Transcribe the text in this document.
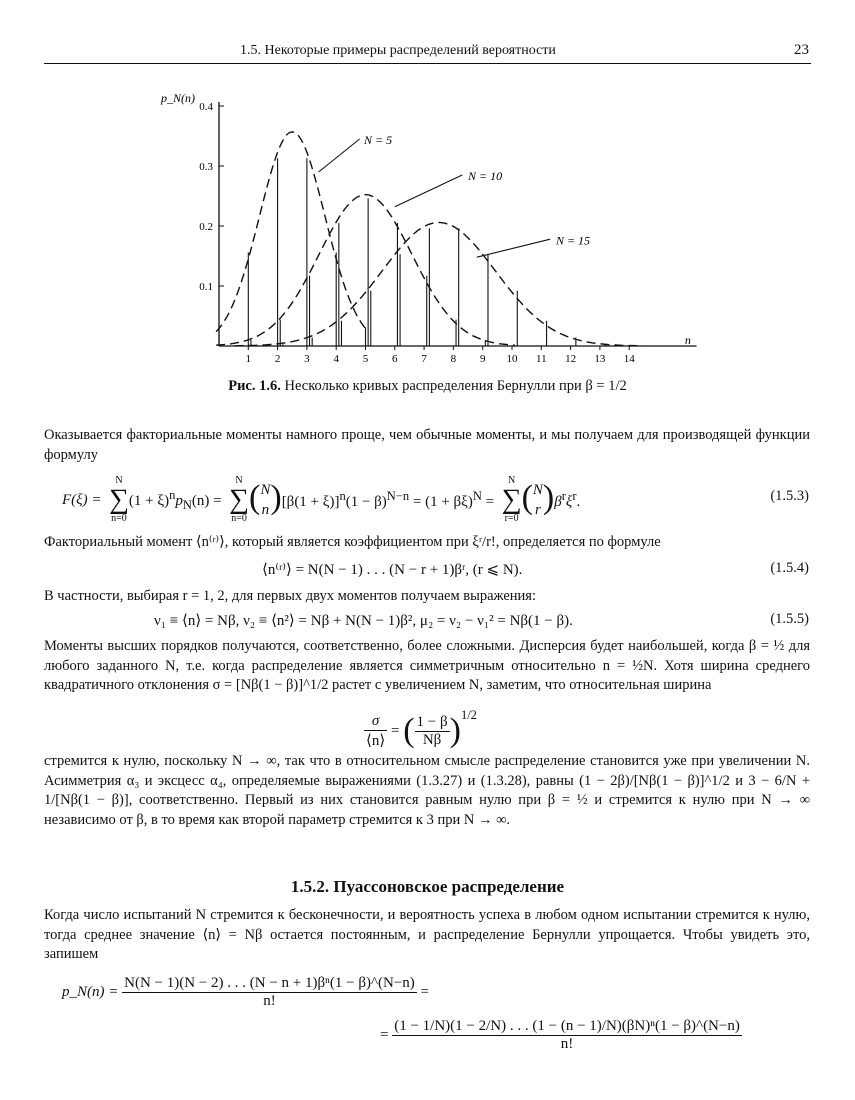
1.5. Некоторые примеры распределений вероятности	23
0.1
0.2
0.3
0.4
1 2 3 4 5 6 7 8 9 10 11 12 13 14
p_N(n)
n
N = 5
N = 10
N = 15
Рис. 1.6. Несколько кривых распределения Бернулли при β = 1/2
Оказывается факториальные моменты намного проще, чем обычные моменты, и мы получаем для производящей функции формулу
F(ξ) =

N
∑
n=0
$(1 + \xi)^np_N(n)$ =

N
∑
n=0
(N
n) $[\beta(1 + \xi)]^n(1 - \beta)^{N-n} = (1 + \beta\xi)^N$ =

N
∑
r=0
(N
r) $\beta^r\xi^r$.	(1.5.3)
Факториальный момент ⟨n⁽ʳ⁾⟩, который является коэффициентом при ξʳ/r!, определяется по формуле
⟨n⁽ʳ⁾⟩ = N(N − 1) . . . (N − r + 1)βʳ, (r ⩽ N).	(1.5.4)
В частности, выбирая r = 1, 2, для первых двух моментов получаем выражения:
ν₁ ≡ ⟨n⟩ = Nβ, ν₂ ≡ ⟨n²⟩ = Nβ + N(N − 1)β², μ₂ = ν₂ − ν₁² = Nβ(1 − β).	(1.5.5)
Моменты высших порядков получаются, соответственно, более сложными. Дисперсия будет наибольшей, когда β = ½ для любого заданного N, т.е. когда распределение является симметричным относительно n = ½N. Хотя ширина среднего квадратичного отклонения σ = [Nβ(1 − β)]^1/2 растет с увеличением N, заметим, что относительная ширина
$\frac{\sigma}{⟨n⟩}$
=
( $\frac{1 - \beta}{N\beta} )^{1/2}$
стремится к нулю, поскольку N → ∞, так что в относительном смысле распределение становится уже при увеличении N. Асимметрия α₃ и эксцесс α₄, определяемые выражениями (1.3.27) и (1.3.28), равны (1 − 2β)/[Nβ(1 − β)]^1/2 и 3 − 6/N + 1/[Nβ(1 − β)], соответственно. Первый из них становится равным нулю при β = ½ и стремится к нулю при N → ∞ независимо от β, в то время как второй параметр стремится к 3 при N → ∞.
1.5.2. Пуассоновское распределение
Когда число испытаний N стремится к бесконечности, и вероятность успеха в любом одном испытании стремится к нулю, тогда среднее значение ⟨n⟩ = Nβ остается постоянным, и распределение Бернулли упрощается. Чтобы увидеть это, запишем
p_N(n) =
$\frac{\text{N(N − 1)(N − 2) . . . (N − n + 1)βⁿ(1 − β)\textasciicircum{}(N−n)}}{n!}$
=
=
$\frac{\text{(1 − 1/N)(1 − 2/N) . . . (1 − (n − 1)/N)(βN)ⁿ(1 − β)\textasciicircum{}(N−n)}}{n!}$
